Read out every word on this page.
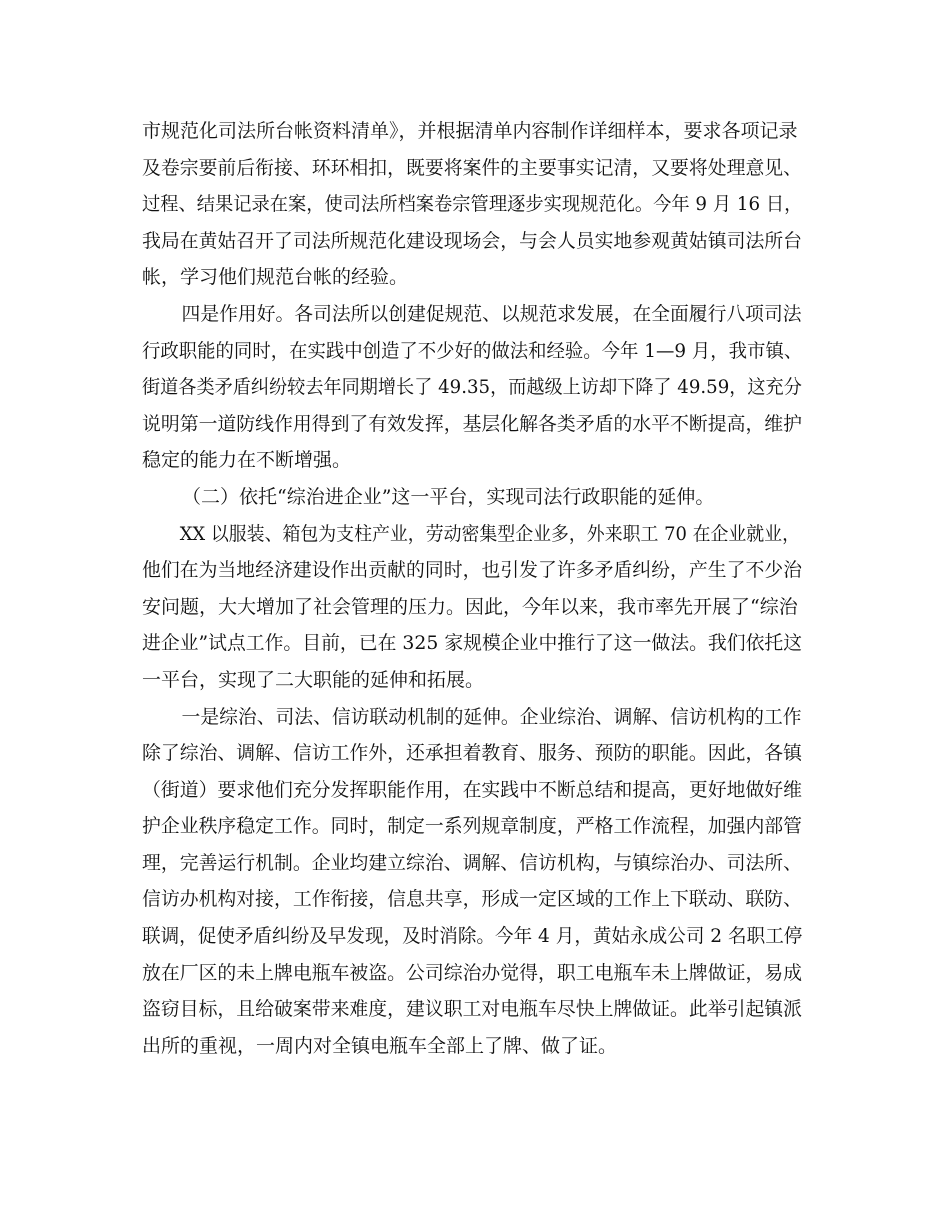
市规范化司法所台帐资料清单》，并根据清单内容制作详细样本，要求各项记录
及卷宗要前后衔接、环环相扣，既要将案件的主要事实记清，又要将处理意见、
过程、结果记录在案，使司法所档案卷宗管理逐步实现规范化。今年 9 月 16 日，
我局在黄姑召开了司法所规范化建设现场会，与会人员实地参观黄姑镇司法所台
帐，学习他们规范台帐的经验。
四是作用好。各司法所以创建促规范、以规范求发展，在全面履行八项司法
行政职能的同时，在实践中创造了不少好的做法和经验。今年 1—9 月，我市镇、
街道各类矛盾纠纷较去年同期增长了 49.35，而越级上访却下降了 49.59，这充分
说明第一道防线作用得到了有效发挥，基层化解各类矛盾的水平不断提高，维护
稳定的能力在不断增强。
（二）依托“综治进企业”这一平台，实现司法行政职能的延伸。
XX 以服装、箱包为支柱产业，劳动密集型企业多，外来职工 70 在企业就业，
他们在为当地经济建设作出贡献的同时，也引发了许多矛盾纠纷，产生了不少治
安问题，大大增加了社会管理的压力。因此，今年以来，我市率先开展了“综治
进企业”试点工作。目前，已在 325 家规模企业中推行了这一做法。我们依托这
一平台，实现了二大职能的延伸和拓展。
一是综治、司法、信访联动机制的延伸。企业综治、调解、信访机构的工作
除了综治、调解、信访工作外，还承担着教育、服务、预防的职能。因此，各镇
（街道）要求他们充分发挥职能作用，在实践中不断总结和提高，更好地做好维
护企业秩序稳定工作。同时，制定一系列规章制度，严格工作流程，加强内部管
理，完善运行机制。企业均建立综治、调解、信访机构，与镇综治办、司法所、
信访办机构对接，工作衔接，信息共享，形成一定区域的工作上下联动、联防、
联调，促使矛盾纠纷及早发现，及时消除。今年 4 月，黄姑永成公司 2 名职工停
放在厂区的未上牌电瓶车被盗。公司综治办觉得，职工电瓶车未上牌做证，易成
盗窃目标，且给破案带来难度，建议职工对电瓶车尽快上牌做证。此举引起镇派
出所的重视，一周内对全镇电瓶车全部上了牌、做了证。
